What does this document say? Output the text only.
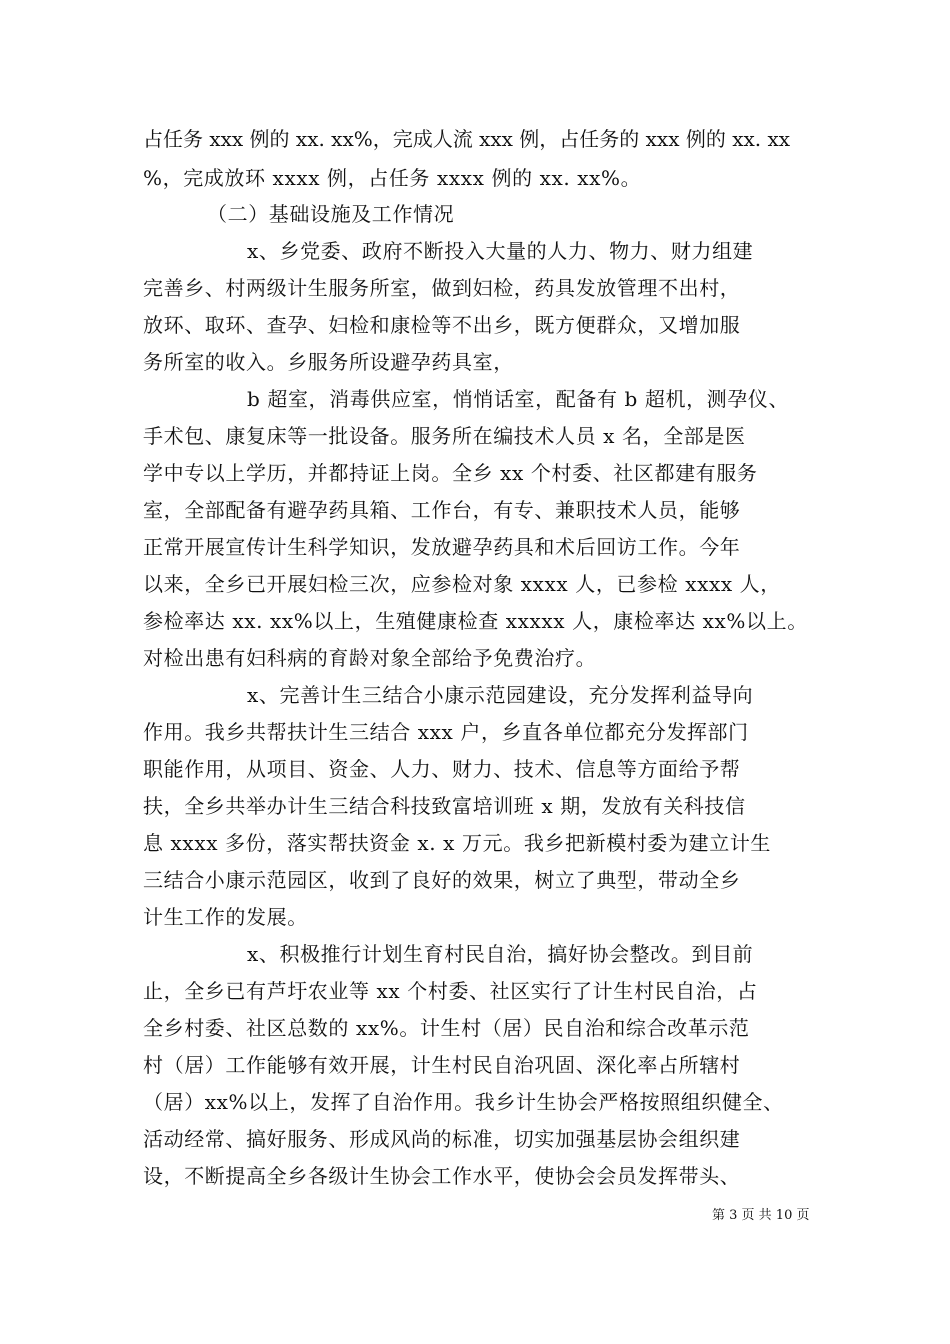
占任务 xxx 例的 xx. xx%，完成人流 xxx 例，占任务的 xxx 例的 xx. xx
%，完成放环 xxxx 例，占任务 xxxx 例的 xx. xx%。
（二）基础设施及工作情况
x、乡党委、政府不断投入大量的人力、物力、财力组建
完善乡、村两级计生服务所室，做到妇检，药具发放管理不出村，
放环、取环、查孕、妇检和康检等不出乡，既方便群众，又增加服
务所室的收入。乡服务所设避孕药具室，
b 超室，消毒供应室，悄悄话室，配备有 b 超机，测孕仪、
手术包、康复床等一批设备。服务所在编技术人员 x 名，全部是医
学中专以上学历，并都持证上岗。全乡 xx 个村委、社区都建有服务
室，全部配备有避孕药具箱、工作台，有专、兼职技术人员，能够
正常开展宣传计生科学知识，发放避孕药具和术后回访工作。今年
以来，全乡已开展妇检三次，应参检对象 xxxx 人，已参检 xxxx 人，
参检率达 xx. xx%以上，生殖健康检查 xxxxx 人，康检率达 xx%以上。
对检出患有妇科病的育龄对象全部给予免费治疗。
x、完善计生三结合小康示范园建设，充分发挥利益导向
作用。我乡共帮扶计生三结合 xxx 户，乡直各单位都充分发挥部门
职能作用，从项目、资金、人力、财力、技术、信息等方面给予帮
扶，全乡共举办计生三结合科技致富培训班 x 期，发放有关科技信
息 xxxx 多份，落实帮扶资金 x. x 万元。我乡把新模村委为建立计生
三结合小康示范园区，收到了良好的效果，树立了典型，带动全乡
计生工作的发展。
x、积极推行计划生育村民自治，搞好协会整改。到目前
止，全乡已有芦圩农业等 xx 个村委、社区实行了计生村民自治，占
全乡村委、社区总数的 xx%。计生村（居）民自治和综合改革示范
村（居）工作能够有效开展，计生村民自治巩固、深化率占所辖村
（居）xx%以上，发挥了自治作用。我乡计生协会严格按照组织健全、
活动经常、搞好服务、形成风尚的标准，切实加强基层协会组织建
设，不断提高全乡各级计生协会工作水平，使协会会员发挥带头、
第 3 页 共 10 页
